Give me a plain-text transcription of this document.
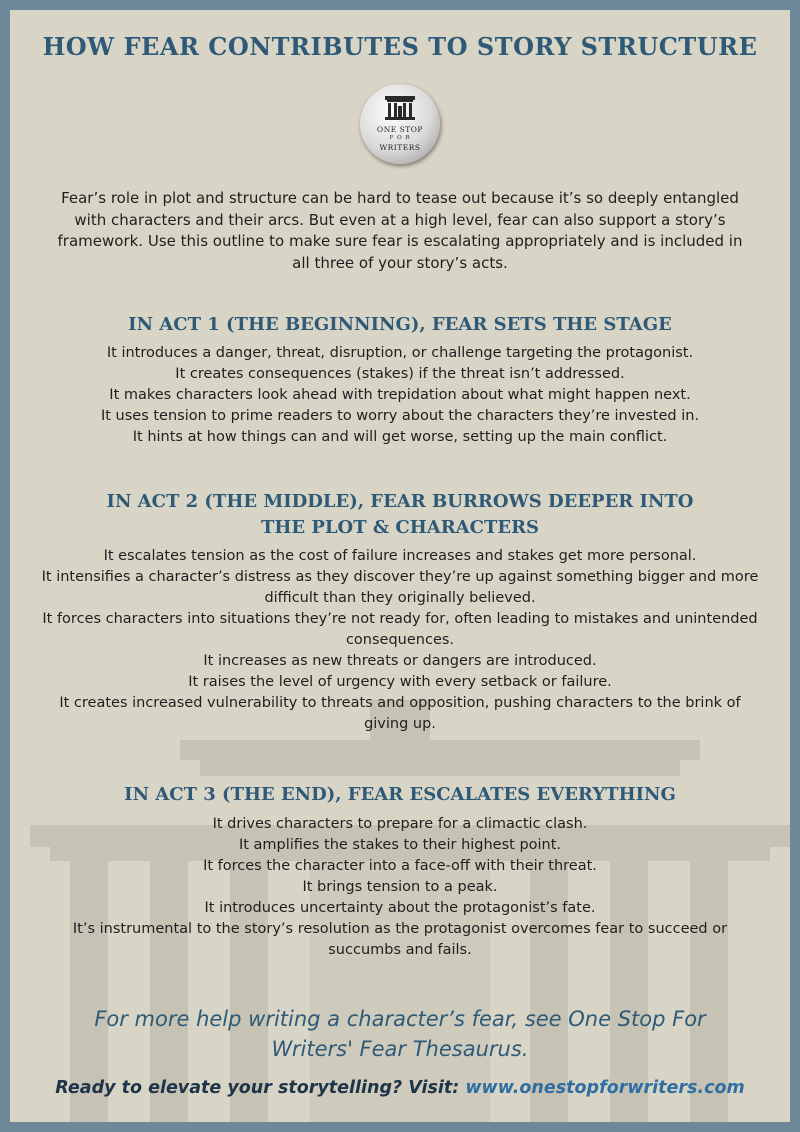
HOW FEAR CONTRIBUTES TO STORY STRUCTURE
ONE STOP
F O R
WRITERS
Fear’s role in plot and structure can be hard to tease out because it’s so deeply entangled with characters and their arcs. But even at a high level, fear can also support a story’s framework. Use this outline to make sure fear is escalating appropriately and is included in all three of your story’s acts.
IN ACT 1 (THE BEGINNING), FEAR SETS THE STAGE
It introduces a danger, threat, disruption, or challenge targeting the protagonist.
It creates consequences (stakes) if the threat isn’t addressed.
It makes characters look ahead with trepidation about what might happen next.
It uses tension to prime readers to worry about the characters they’re invested in.
It hints at how things can and will get worse, setting up the main conflict.
IN ACT 2 (THE MIDDLE), FEAR BURROWS DEEPER INTO
THE PLOT & CHARACTERS
It escalates tension as the cost of failure increases and stakes get more personal.
It intensifies a character’s distress as they discover they’re up against something bigger and more difficult than they originally believed.
It forces characters into situations they’re not ready for, often leading to mistakes and unintended consequences.
It increases as new threats or dangers are introduced.
It raises the level of urgency with every setback or failure.
It creates increased vulnerability to threats and opposition, pushing characters to the brink of giving up.
IN ACT 3 (THE END), FEAR ESCALATES EVERYTHING
It drives characters to prepare for a climactic clash.
It amplifies the stakes to their highest point.
It forces the character into a face-off with their threat.
It brings tension to a peak.
It introduces uncertainty about the protagonist’s fate.
It’s instrumental to the story’s resolution as the protagonist overcomes fear to succeed or succumbs and fails.
For more help writing a character’s fear, see One Stop For Writers' Fear Thesaurus.
Ready to elevate your storytelling? Visit: www.onestopforwriters.com
